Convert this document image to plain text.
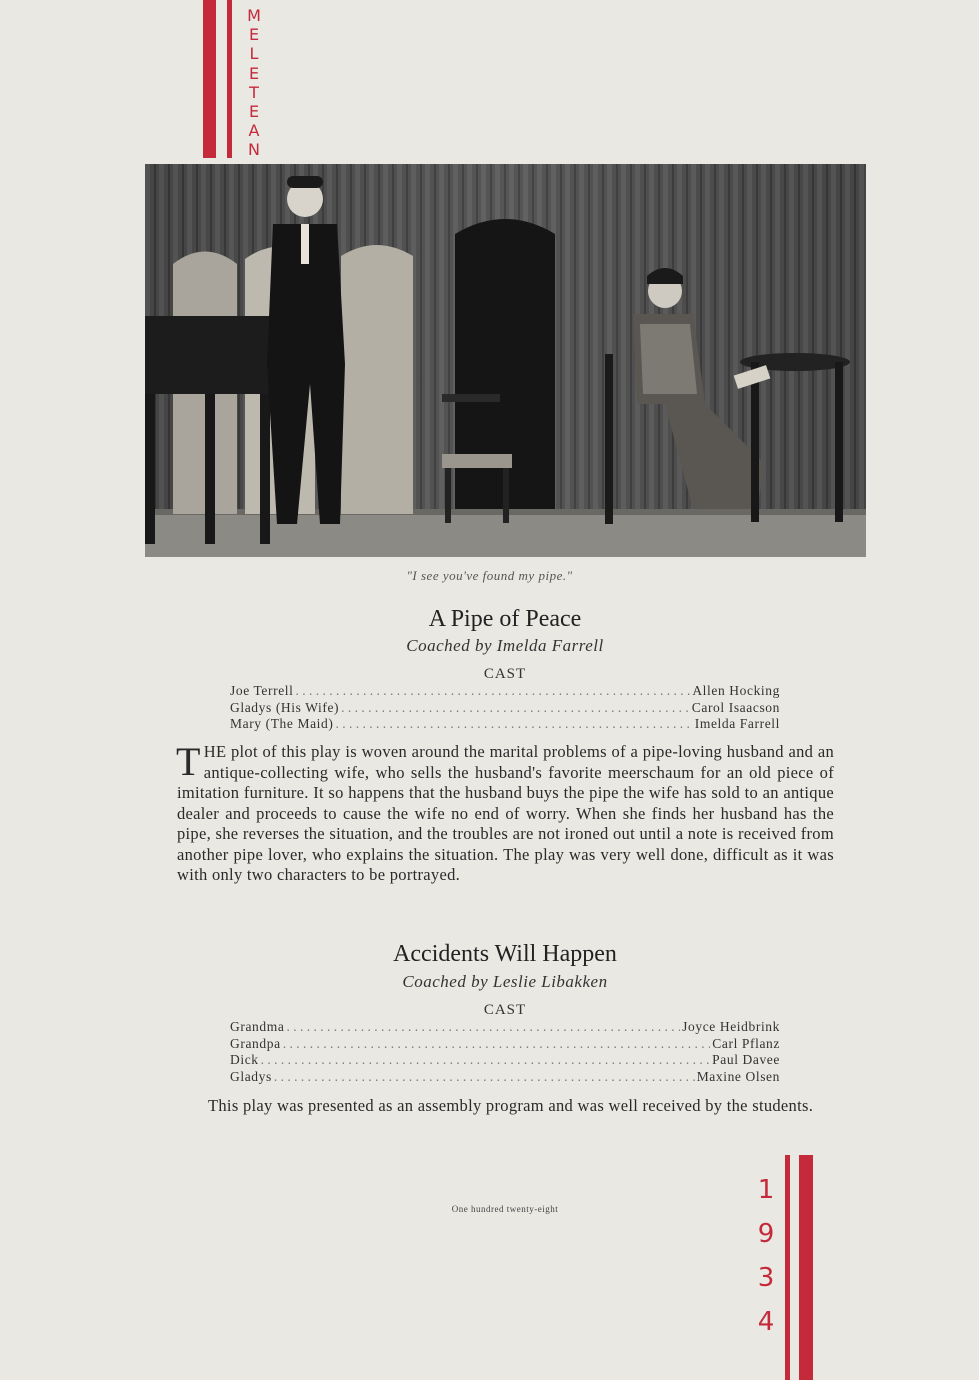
M
E
L
E
T
E
A
N
"I see you've found my pipe."
A Pipe of Peace
Coached by Imelda Farrell
CAST
Joe Terrell . . .	Allen Hocking
Gladys (His Wife) . . .	Carol Isaacson
Mary (The Maid) . . .	Imelda Farrell

THE plot of this play is woven around the marital problems of a pipe-loving husband and an antique-collecting wife, who sells the husband's favorite meerschaum for an old piece of imitation furniture. It so happens that the husband buys the pipe the wife has sold to an antique dealer and proceeds to cause the wife no end of worry. When she finds her husband has the pipe, she reverses the situation, and the troubles are not ironed out until a note is received from another pipe lover, who explains the situation. The play was very well done, difficult as it was with only two characters to be portrayed.

Accidents Will Happen
Coached by Leslie Libakken
CAST
Grandma . . .	Joyce Heidbrink
Grandpa . . .	Carl Pflanz
Dick . . .	Paul Davee
Gladys . . .	Maxine Olsen

This play was presented as an assembly program and was well received by the students.

One hundred twenty-eight
1
9
3
4
